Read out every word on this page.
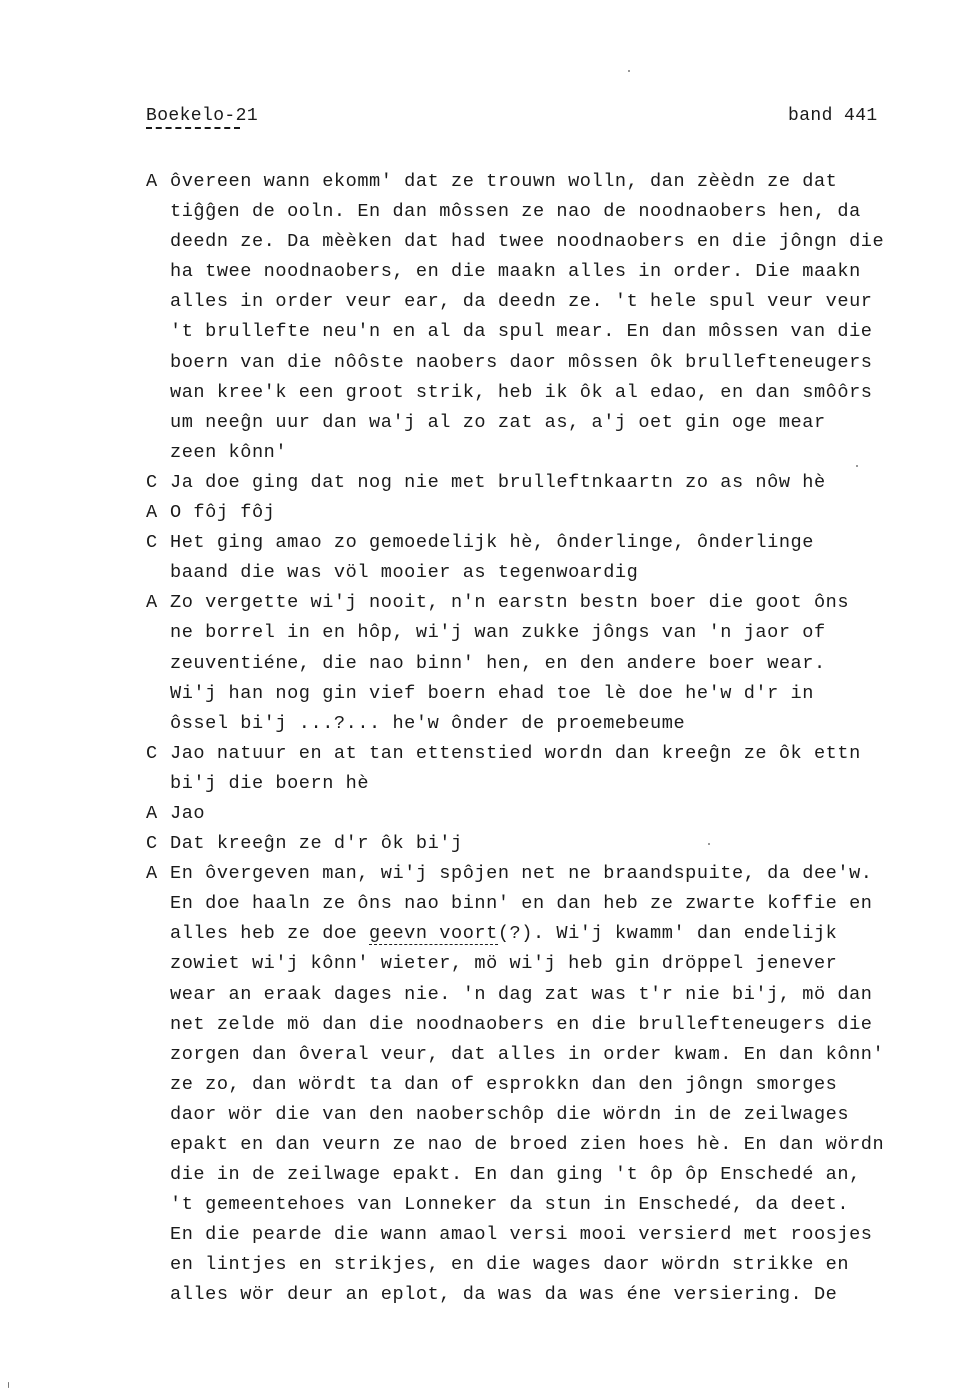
Boekelo-21	band 441
A ôvereen wann ekomm' dat ze trouwn wolln, dan zèèdn ze dat
tiĝĝen de ooln. En dan môssen ze nao de noodnaobers hen, da
deedn ze. Da mèèken dat had twee noodnaobers en die jôngn die
ha twee noodnaobers, en die maakn alles in order. Die maakn
alles in order veur ear, da deedn ze. 't hele spul veur veur
't brullefte neu'n en al da spul mear. En dan môssen van die
boern van die nôôste naobers daor môssen ôk brullefteneugers
wan kree'k een groot strik, heb ik ôk al edao, en dan smôôrs
um neeĝn uur dan wa'j al zo zat as, a'j oet gin oge mear
zeen kônn'
C Ja doe ging dat nog nie met brulleftnkaartn zo as nôw hè
A O fôj fôj
C Het ging amao zo gemoedelijk hè, ônderlinge, ônderlinge
baand die was völ mooier as tegenwoardig
A Zo vergette wi'j nooit, n'n earstn bestn boer die goot ôns
ne borrel in en hôp, wi'j wan zukke jôngs van 'n jaor of
zeuventiéne, die nao binn' hen, en den andere boer wear.
Wi'j han nog gin vief boern ehad toe lè doe he'w d'r in
ôssel bi'j ...?... he'w ônder de proemebeume
C Jao natuur en at tan ettenstied wordn dan kreeĝn ze ôk ettn
bi'j die boern hè
A Jao
C Dat kreeĝn ze d'r ôk bi'j
A En ôvergeven man, wi'j spôjen net ne braandspuite, da dee'w.
En doe haaln ze ôns nao binn' en dan heb ze zwarte koffie en
alles heb ze doe geevn voort(?). Wi'j kwamm' dan endelijk
zowiet wi'j kônn' wieter, mö wi'j heb gin dröppel jenever
wear an eraak dages nie. 'n dag zat was t'r nie bi'j, mö dan
net zelde mö dan die noodnaobers en die brullefteneugers die
zorgen dan ôveral veur, dat alles in order kwam. En dan kônn'
ze zo, dan wördt ta dan of esprokkn dan den jôngn smorges
daor wör die van den naoberschôp die wördn in de zeilwages
epakt en dan veurn ze nao de broed zien hoes hè. En dan wördn
die in de zeilwage epakt. En dan ging 't ôp ôp Enschedé an,
't gemeentehoes van Lonneker da stun in Enschedé, da deet.
En die pearde die wann amaol versi mooi versierd met roosjes
en lintjes en strikjes, en die wages daor wördn strikke en
alles wör deur an eplot, da was da was éne versiering. De
